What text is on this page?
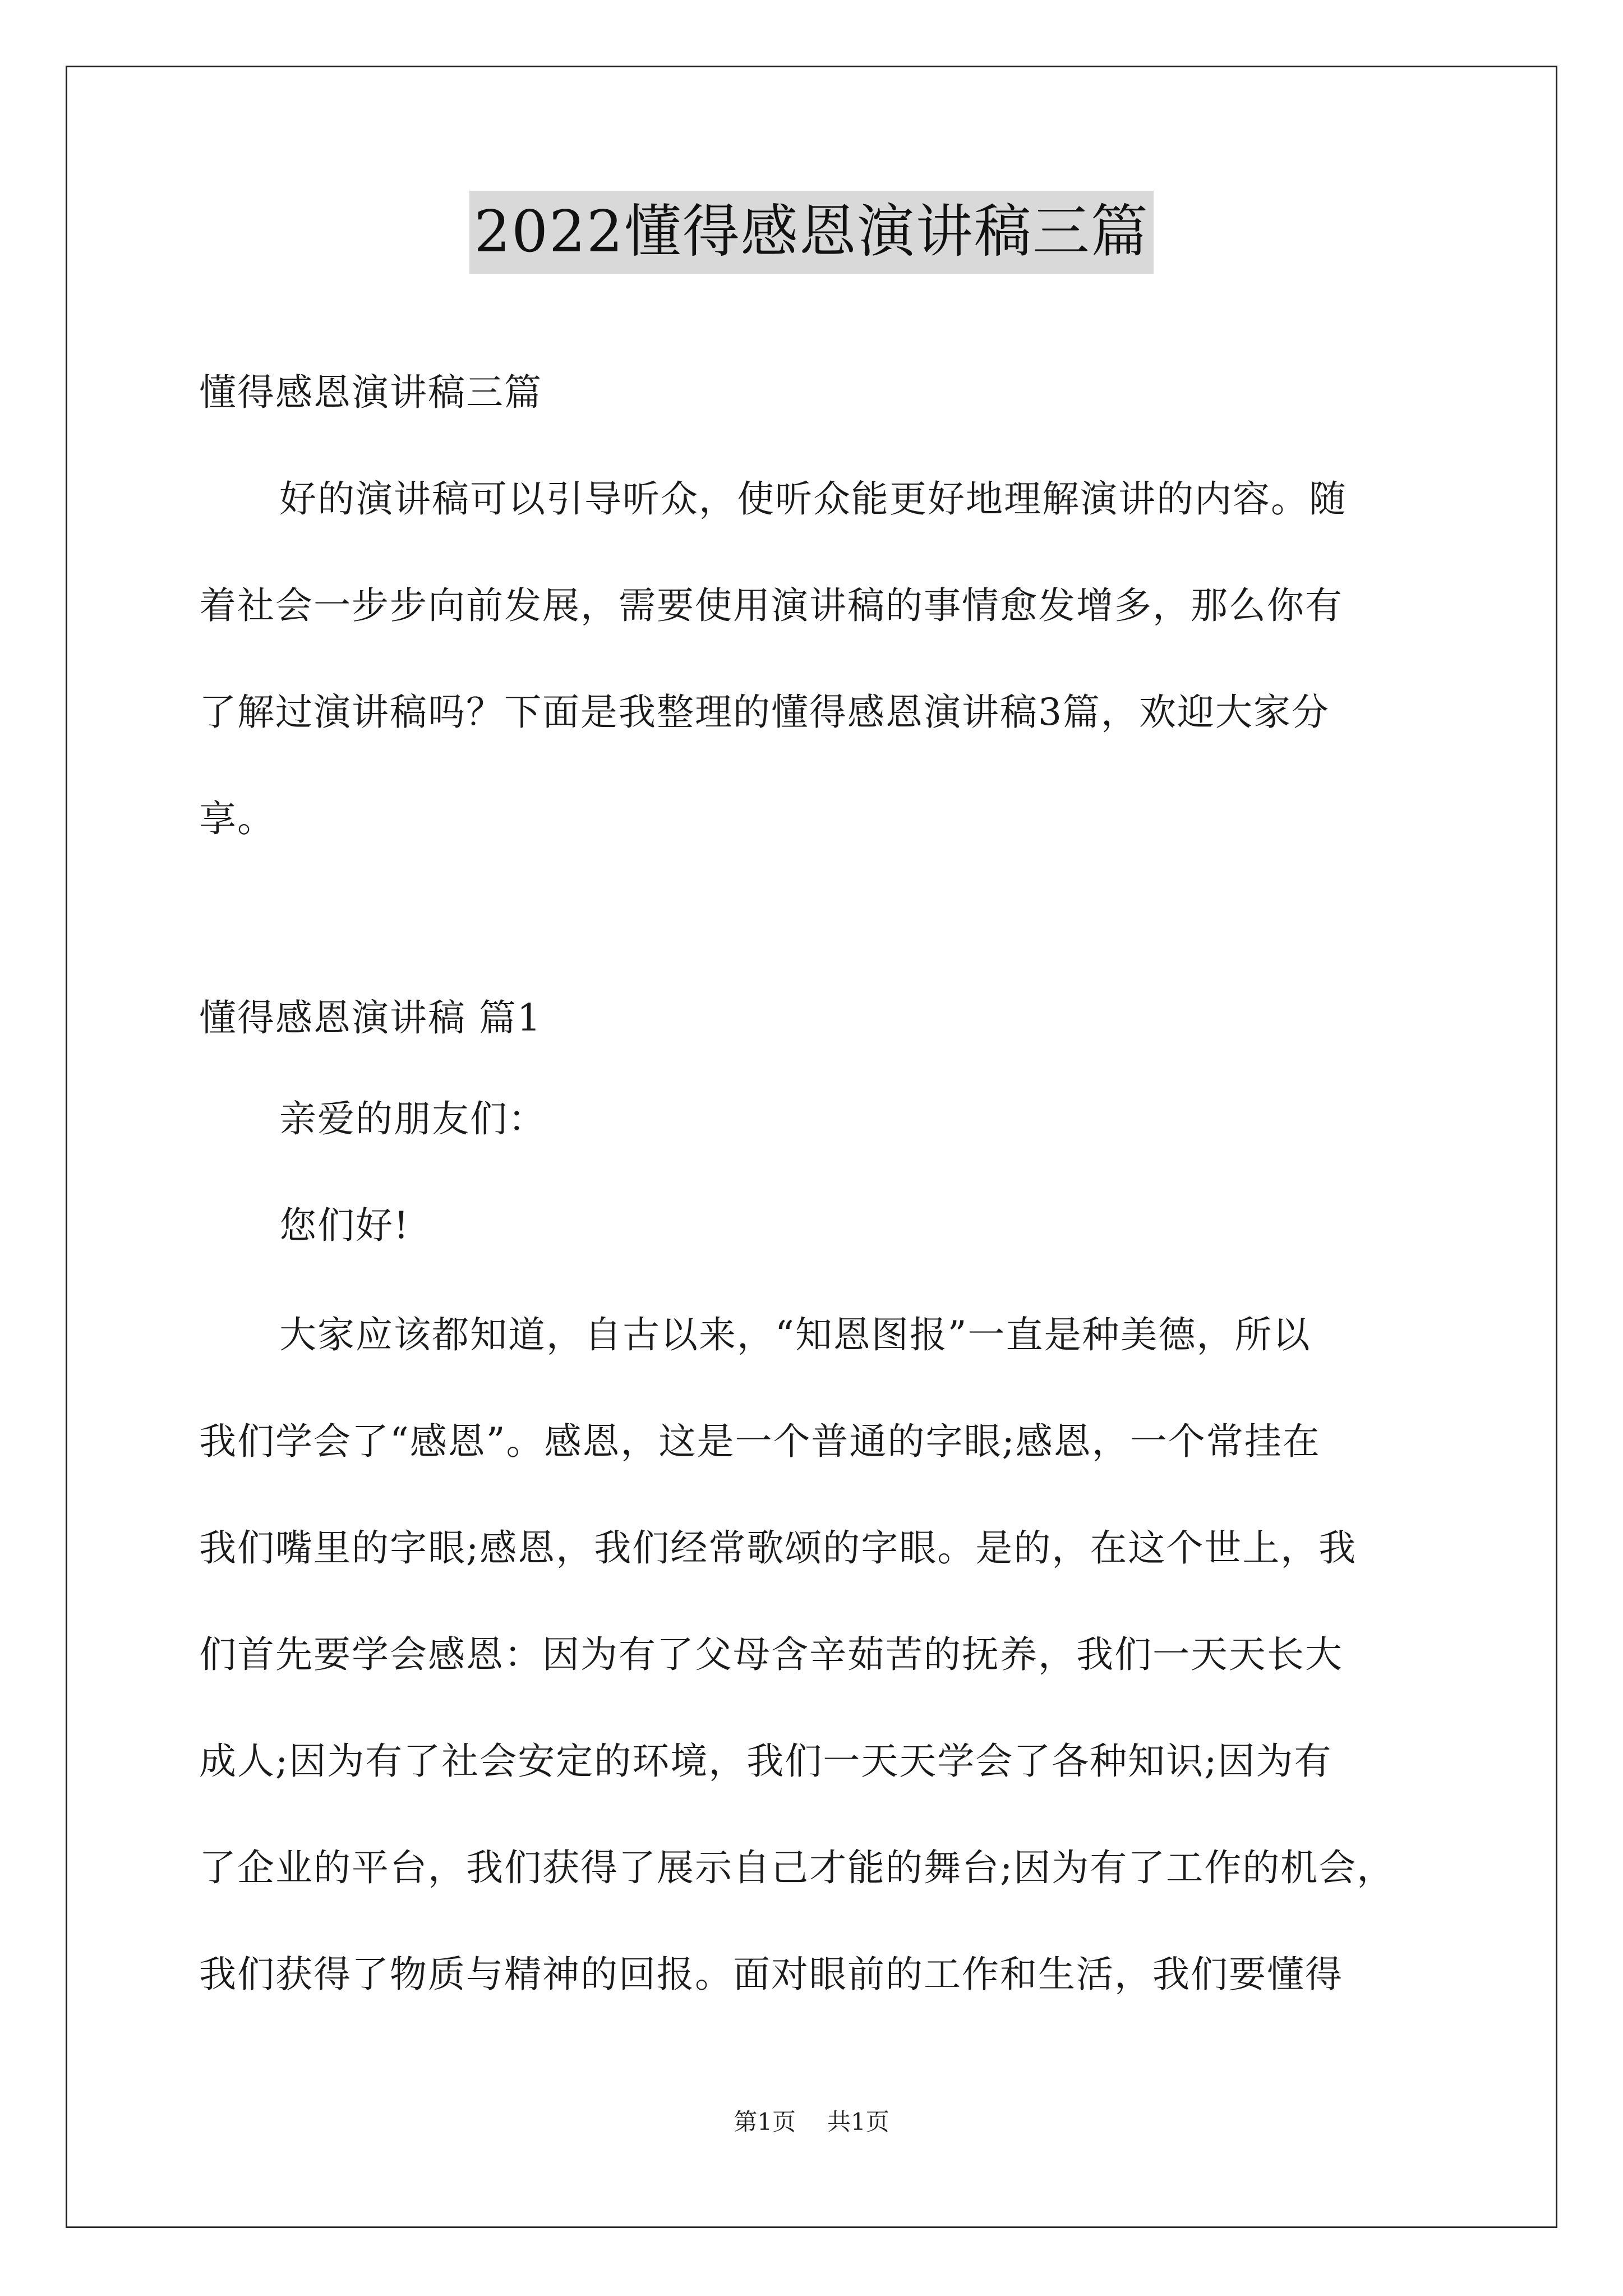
2022懂得感恩演讲稿三篇
懂得感恩演讲稿三篇
好的演讲稿可以引导听众，使听众能更好地理解演讲的内容。随
着社会一步步向前发展，需要使用演讲稿的事情愈发增多，那么你有
了解过演讲稿吗？下面是我整理的懂得感恩演讲稿3篇，欢迎大家分
享。
懂得感恩演讲稿 篇1
亲爱的朋友们：
您们好!
大家应该都知道，自古以来，“知恩图报”一直是种美德，所以
我们学会了“感恩”。感恩，这是一个普通的字眼;感恩，一个常挂在
我们嘴里的字眼;感恩，我们经常歌颂的字眼。是的，在这个世上，我
们首先要学会感恩：因为有了父母含辛茹苦的抚养，我们一天天长大
成人;因为有了社会安定的环境，我们一天天学会了各种知识;因为有
了企业的平台，我们获得了展示自己才能的舞台;因为有了工作的机会，
我们获得了物质与精神的回报。面对眼前的工作和生活，我们要懂得
第1页 共1页
